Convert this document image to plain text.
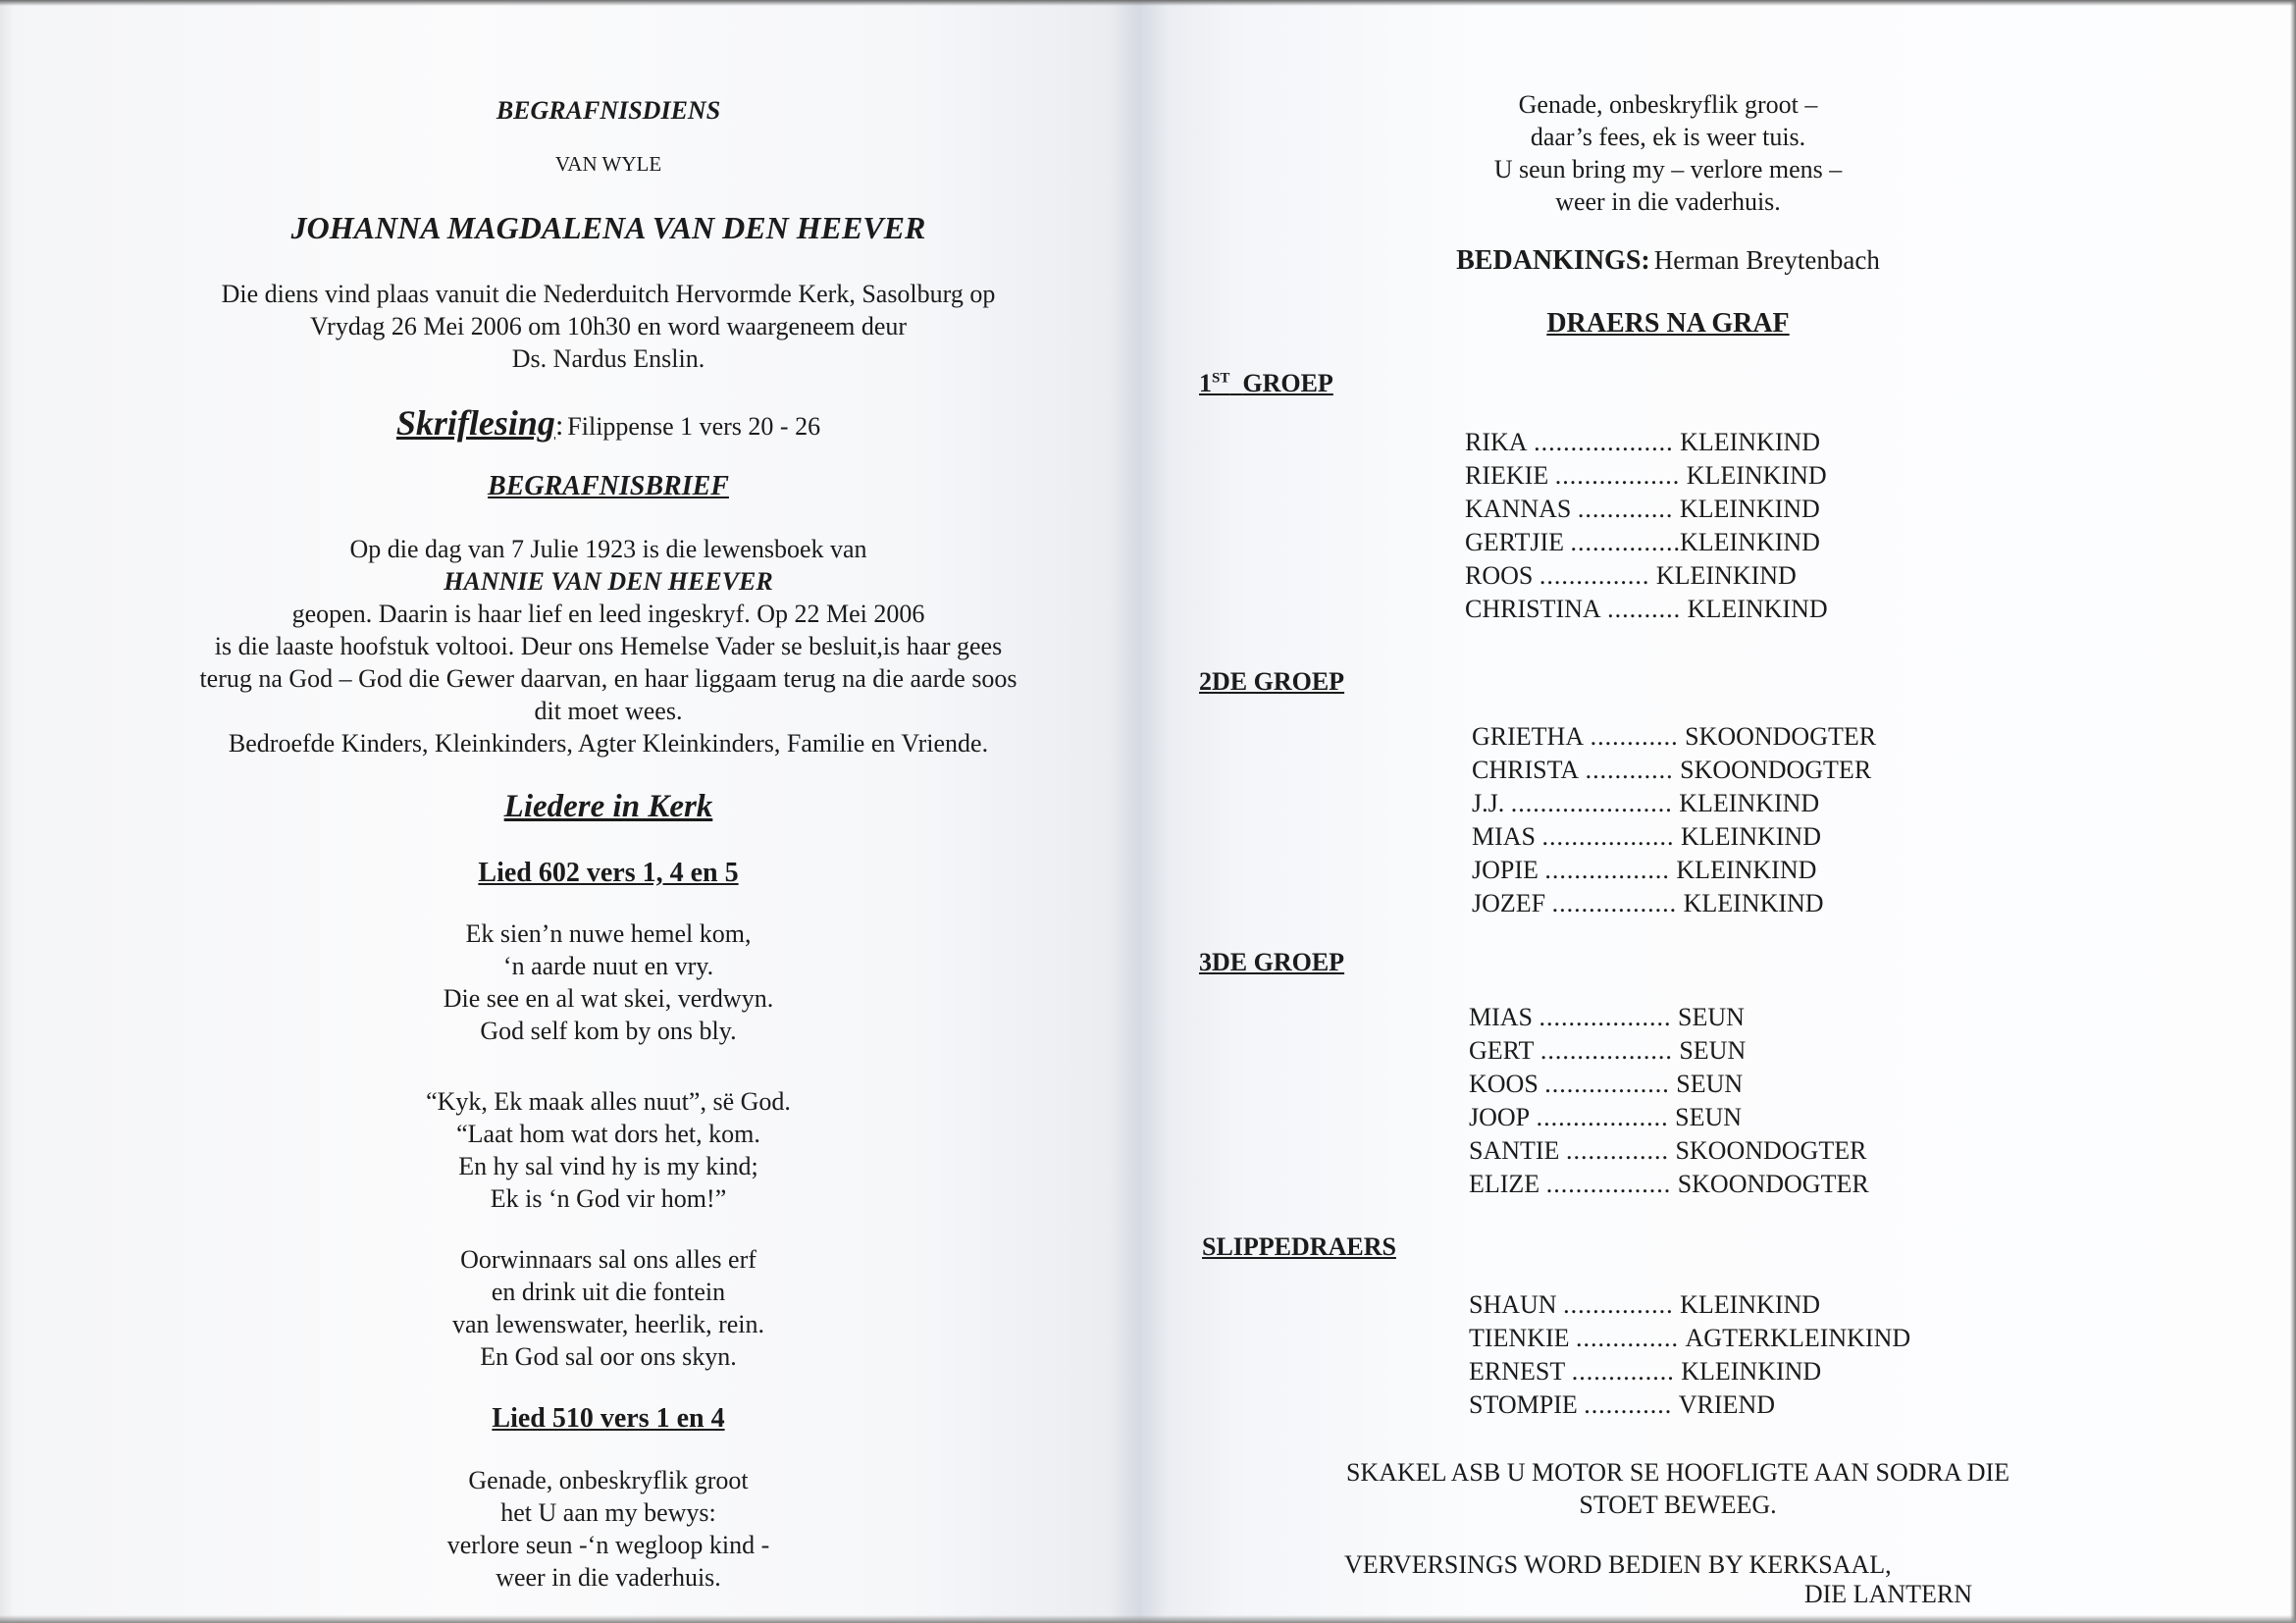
BEGRAFNISDIENS
VAN WYLE
JOHANNA MAGDALENA VAN DEN HEEVER
Die diens vind plaas vanuit die Nederduitch Hervormde Kerk, Sasolburg op
Vrydag 26 Mei 2006 om 10h30 en word waargeneem deur
Ds. Nardus Enslin.
Skriflesing: Filippense 1 vers 20 - 26
BEGRAFNISBRIEF
Op die dag van 7 Julie 1923 is die lewensboek van
HANNIE VAN DEN HEEVER
geopen. Daarin is haar lief en leed ingeskryf. Op 22 Mei 2006
is die laaste hoofstuk voltooi. Deur ons Hemelse Vader se besluit,is haar gees
terug na God – God die Gewer daarvan, en haar liggaam terug na die aarde soos
dit moet wees.
Bedroefde Kinders, Kleinkinders, Agter Kleinkinders, Familie en Vriende.
Liedere in Kerk
Lied 602 vers 1, 4 en 5
Ek sien’n nuwe hemel kom,
‘n aarde nuut en vry.
Die see en al wat skei, verdwyn.
God self kom by ons bly.
“Kyk, Ek maak alles nuut”, së God.
“Laat hom wat dors het, kom.
En hy sal vind hy is my kind;
Ek is ‘n God vir hom!”
Oorwinnaars sal ons alles erf
en drink uit die fontein
van lewenswater, heerlik, rein.
En God sal oor ons skyn.
Lied 510 vers 1 en 4
Genade, onbeskryflik groot
het U aan my bewys:
verlore seun -‘n wegloop kind -
weer in die vaderhuis.
Genade, onbeskryflik groot –
daar’s fees, ek is weer tuis.
U seun bring my – verlore mens –
weer in die vaderhuis.
BEDANKINGS: Herman Breytenbach
DRAERS NA GRAF
1ST GROEP
RIKA ................... KLEINKIND
RIEKIE ................. KLEINKIND
KANNAS ............. KLEINKIND
GERTJIE ...............KLEINKIND
ROOS ............... KLEINKIND
CHRISTINA .......... KLEINKIND
2DE GROEP
GRIETHA ............ SKOONDOGTER
CHRISTA ............ SKOONDOGTER
J.J. ...................... KLEINKIND
MIAS .................. KLEINKIND
JOPIE ................. KLEINKIND
JOZEF ................. KLEINKIND
3DE GROEP
MIAS .................. SEUN
GERT .................. SEUN
KOOS ................. SEUN
JOOP .................. SEUN
SANTIE .............. SKOONDOGTER
ELIZE ................. SKOONDOGTER
SLIPPEDRAERS
SHAUN ............... KLEINKIND
TIENKIE .............. AGTERKLEINKIND
ERNEST .............. KLEINKIND
STOMPIE ............ VRIEND
SKAKEL ASB U MOTOR SE HOOFLIGTE AAN SODRA DIE
STOET BEWEEG.
VERVERSINGS WORD BEDIEN BY KERKSAAL,
DIE LANTERN
